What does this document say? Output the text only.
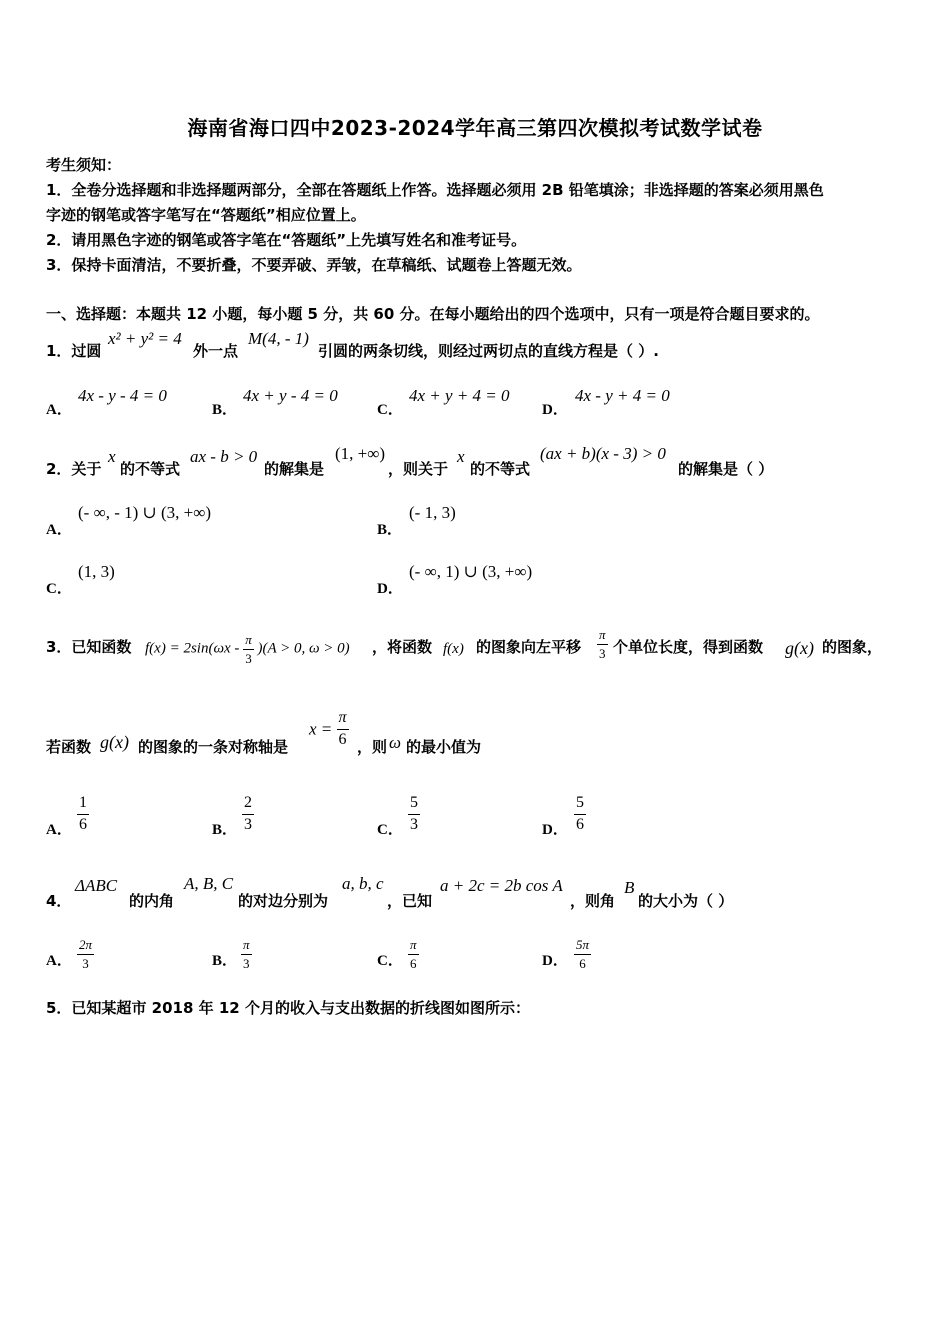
海南省海口四中2023-2024学年高三第四次模拟考试数学试卷
考生须知：
1．全卷分选择题和非选择题两部分，全部在答题纸上作答。选择题必须用 2B 铅笔填涂；非选择题的答案必须用黑色
字迹的钢笔或答字笔写在“答题纸”相应位置上。
2．请用黑色字迹的钢笔或答字笔在“答题纸”上先填写姓名和准考证号。
3．保持卡面清洁，不要折叠，不要弄破、弄皱，在草稿纸、试题卷上答题无效。
一、选择题：本题共 12 小题，每小题 5 分，共 60 分。在每小题给出的四个选项中，只有一项是符合题目要求的。
1．过圆
x² + y² = 4
外一点
M(4, - 1)
引圆的两条切线，则经过两切点的直线方程是（ ）.
A．
4x - y - 4 = 0
B．
4x + y - 4 = 0
C．
4x + y + 4 = 0
D．
4x - y + 4 = 0
2．关于
x
的不等式
ax - b > 0
的解集是
(1, +∞)
，则关于
x
的不等式
(ax + b)(x - 3) > 0
的解集是（ ）
A．
(- ∞, - 1) ∪ (3, +∞)
B．
(- 1, 3)
C．
(1, 3)
D．
(- ∞, 1) ∪ (3, +∞)
3．已知函数 $f(x) = 2\sin(\omega x - \frac{\pi}{3} )(A > 0$, ω > 0) ，将函数 f(x) 的图象向左平移 $\frac{\pi}{3}$ 个单位长度，得到函数 g(x) 的图象，
若函数 g(x) 的图象的一条对称轴是
$x = \frac{\pi}{6}$ ，则 ω 的最小值为
A． $\frac{1}{6}$	B． $\frac{2}{3}$	C． $\frac{5}{3}$	D． $\frac{5}{6}$
4．
ΔABC
的内角
A, B, C
的对边分别为
a, b, c
，已知
a + 2c = 2b cos A
，则角
B
的大小为（ ）
A． $\frac{2\pi}{3}$	B． $\frac{\pi}{3}$	C． $\frac{\pi}{6}$	D． $\frac{5\pi}{6}$
5．已知某超市 2018 年 12 个月的收入与支出数据的折线图如图所示：
